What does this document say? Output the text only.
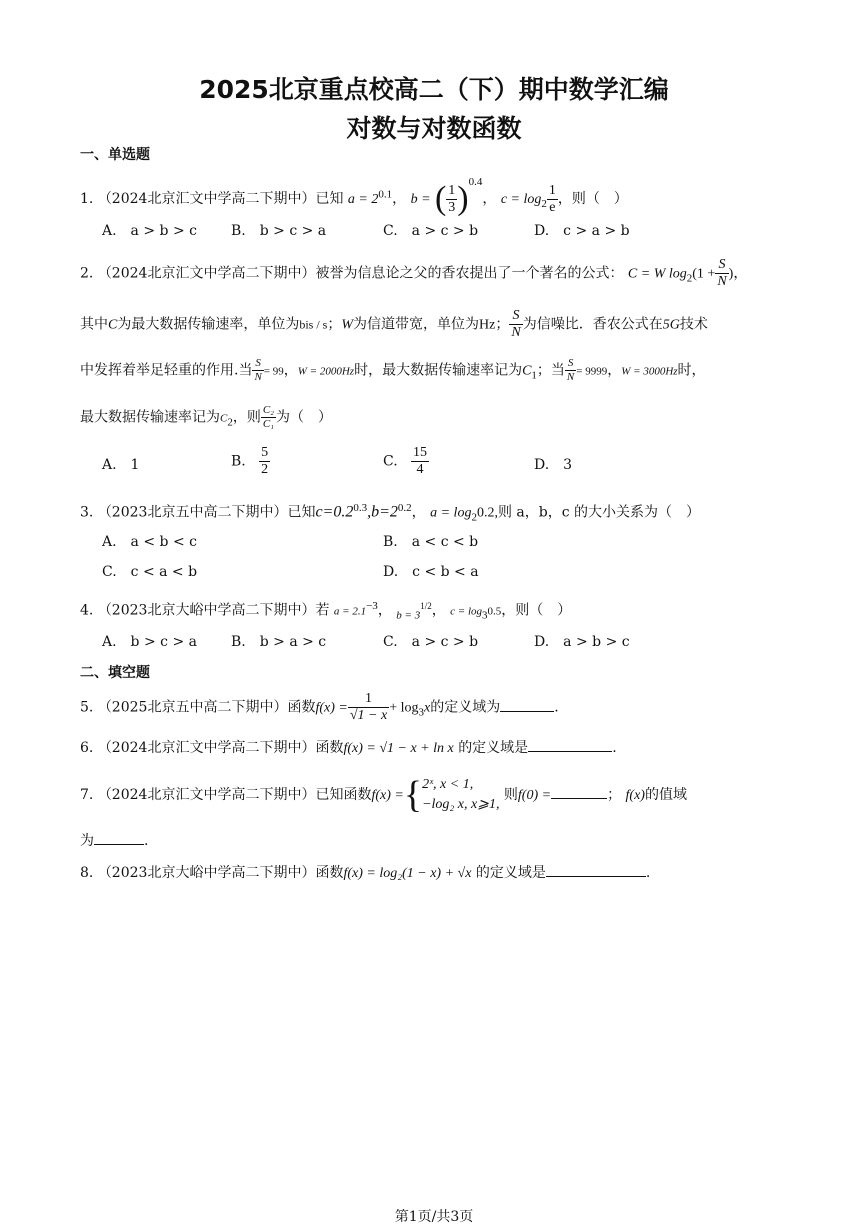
2025北京重点校高二（下）期中数学汇编
对数与对数函数
一、单选题
1. （2024北京汇文中学高二下期中）已知 $a = 2^{0.1}$， b = ( $\frac{1}{3} )^{0.4}$， $c = \log_2 \frac{1}{e}$ ，则（　）
A.　a > b > c B.　b > c > a	C.　a > c > b	D.　c > a > b
2. （2024北京汇文中学高二下期中）被誉为信息论之父的香农提出了一个著名的公式： C = W $\log_2(1 + \frac{S}{N}$ )，
其中C为最大数据传输速率，单位为bis / s；W为信道带宽，单位为Hz； $\frac{S}{N}$ 为信噪比．香农公式在5G技术
中发挥着举足轻重的作用.当 $\frac{S}{N} = 99$，W = 2000Hz时，最大数据传输速率记为$C_1$；当 $\frac{S}{N} = 9999$，W = 3000Hz时，
最大数据传输速率记为$C_2$，则 $\frac{\text{C₂}}{\text{C₁}}$ 为（　）
A.　1	B. $\frac{5}{2}$	C. $\frac{15}{4}$	D.　3
3. （2023北京五中高二下期中）已知$c=0.2^{0.3},b=2^{0.2}$， $a = \log_20.2$,则 a，b，c 的大小关系为（　）
A.　a < b < c	B.　a < c < b
C.　c < a < b	D.　c < b < a
4. （2023北京大峪中学高二下期中）若 $a = 2.1^{-3}$， $_{b = 3}^{1/2}$， $c = \log_30.5$，则（　）
A.　b > c > a B.　b > a > c	C.　a > c > b	D.　a > b > c
二、填空题
5. （2025北京五中高二下期中）函数$f(x) = \frac{1}{√1 - x} + \log_3x$的定义域为	.
6. （2024北京汇文中学高二下期中）函数f(x) = √1 − x + ln x 的定义域是	.
7. （2024北京汇文中学高二下期中）已知函数f(x) ={ 2ˣ, x < 1,
−log₂ x, x⩾1,
则f(0) =	； f(x)的值域
为	.
8. （2023北京大峪中学高二下期中）函数f(x) = log₂(1 − x) + √x 的定义域是	.
第1页/共3页
